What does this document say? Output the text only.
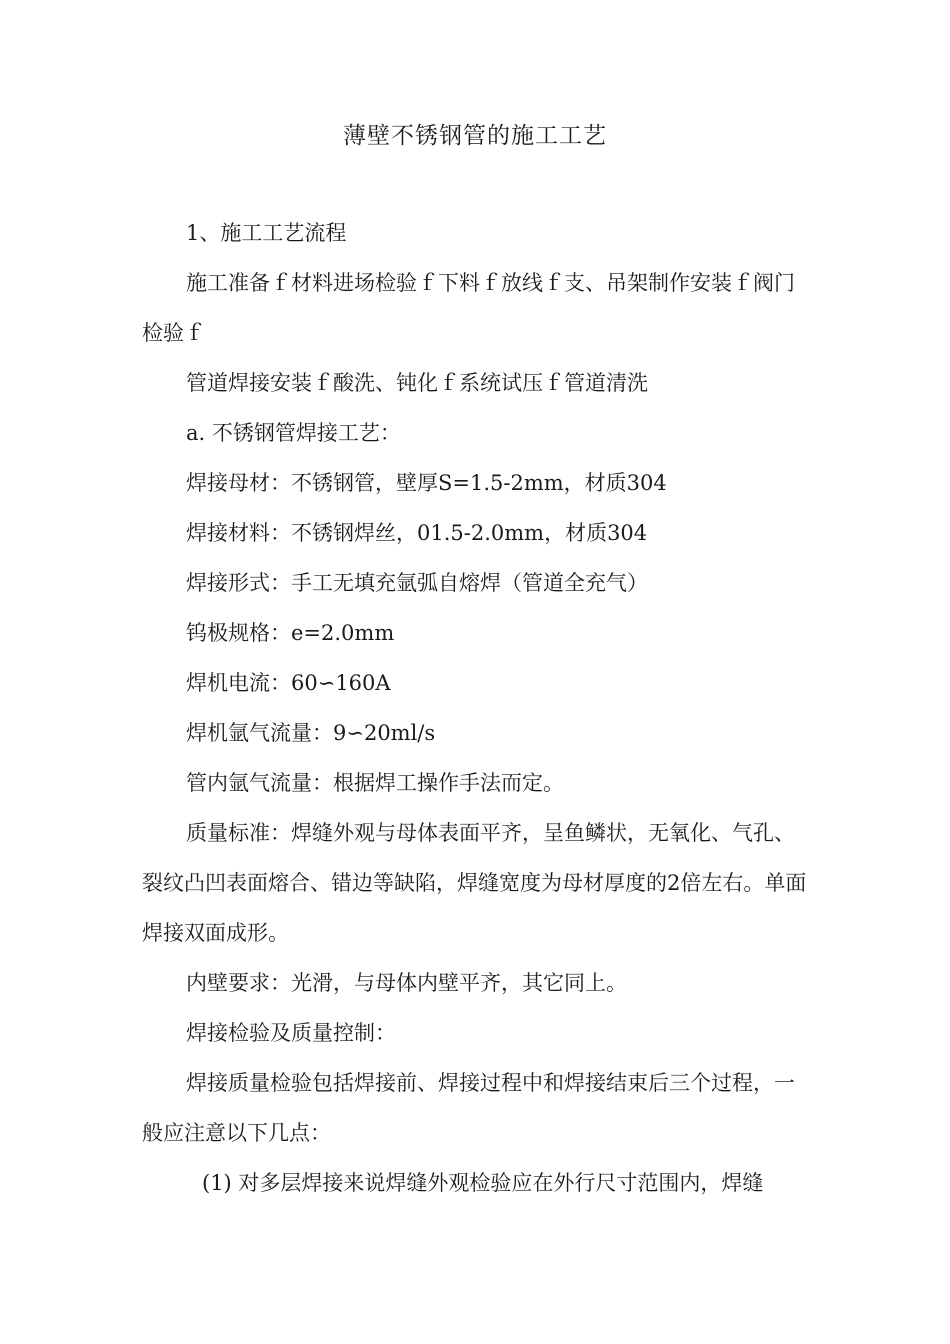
薄壁不锈钢管的施工工艺

1、施工工艺流程

施工准备ｆ材料进场检验ｆ下料ｆ放线ｆ支、吊架制作安装ｆ阀门检验ｆ

管道焊接安装ｆ酸洗、钝化ｆ系统试压ｆ管道清洗

a. 不锈钢管焊接工艺：

焊接母材：不锈钢管，壁厚S=1.5-2mm，材质304

焊接材料：不锈钢焊丝，01.5-2.0mm，材质304

焊接形式：手工无填充氩弧自熔焊（管道全充气）

钨极规格：e=2.0mm

焊机电流：60∽160A

焊机氩气流量：9∽20ml/s

管内氩气流量：根据焊工操作手法而定。

质量标准：焊缝外观与母体表面平齐，呈鱼鳞状，无氧化、气孔、裂纹凸凹表面熔合、错边等缺陷，焊缝宽度为母材厚度的2倍左右。单面焊接双面成形。

内壁要求：光滑，与母体内壁平齐，其它同上。

焊接检验及质量控制：

焊接质量检验包括焊接前、焊接过程中和焊接结束后三个过程，一般应注意以下几点：

(1) 对多层焊接来说焊缝外观检验应在外行尺寸范围内，焊缝
